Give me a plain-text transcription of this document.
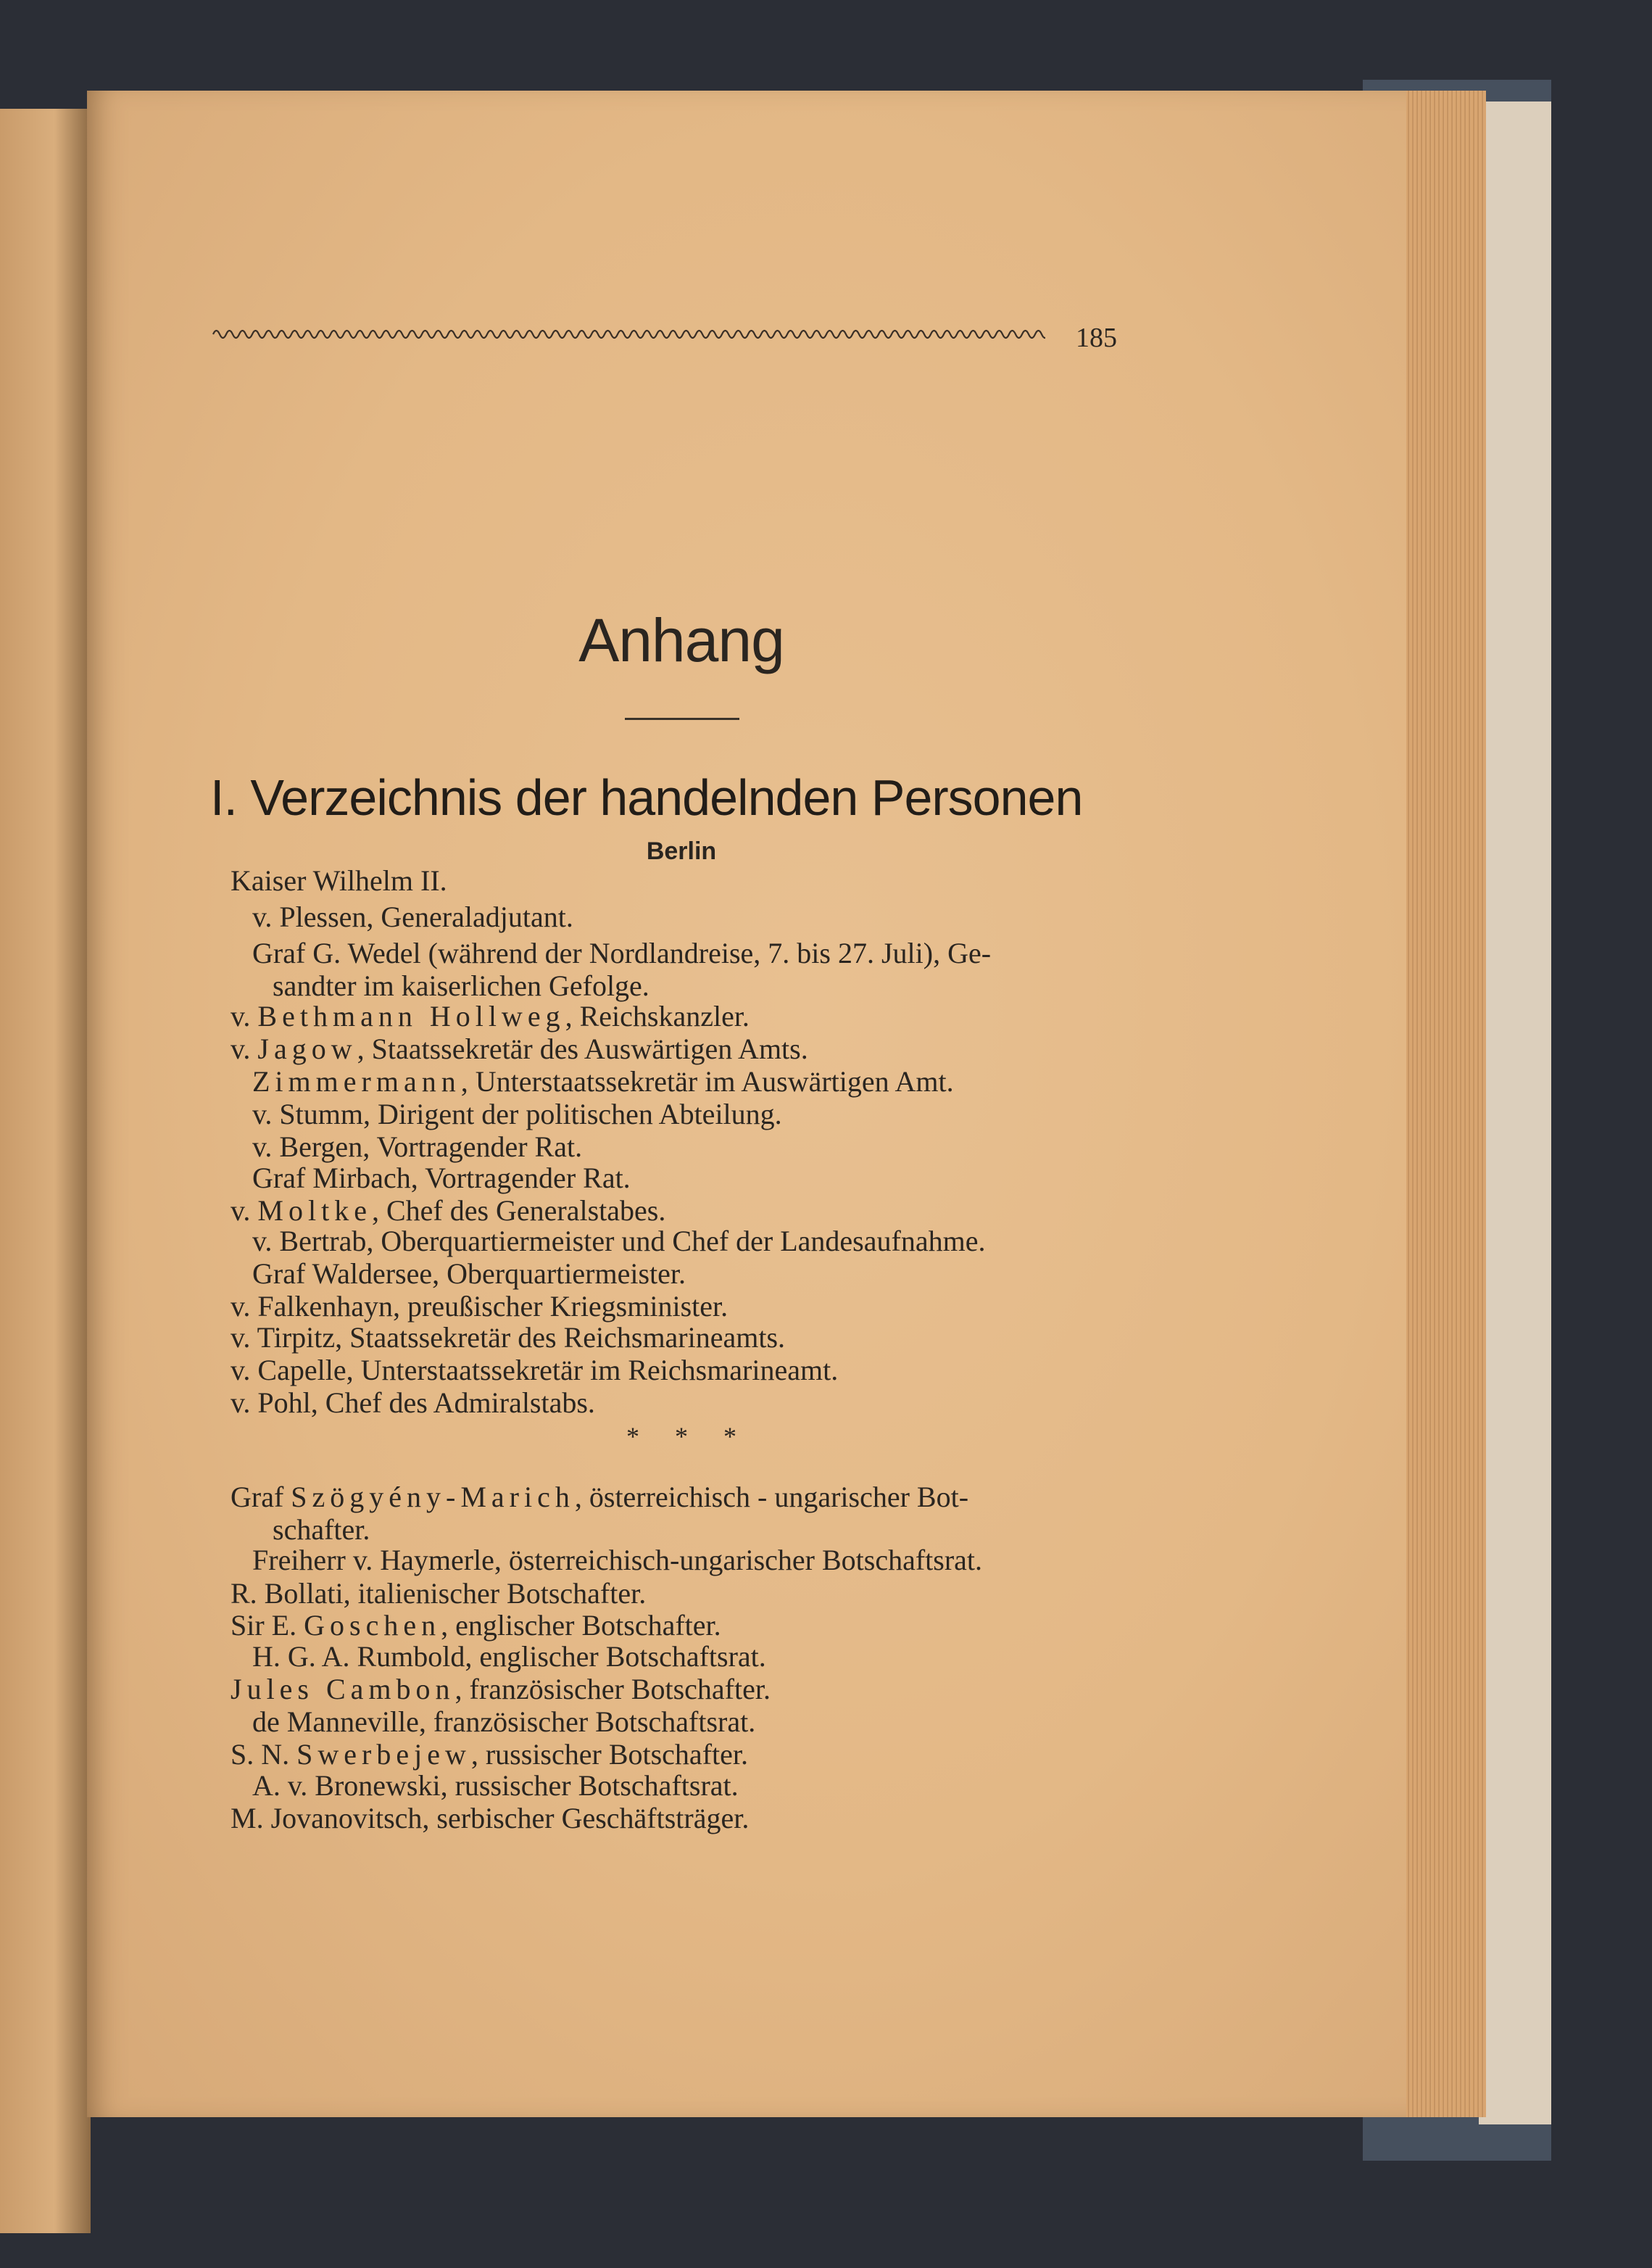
185
Anhang
I. Verzeichnis der handelnden Personen
Berlin
Kaiser Wilhelm II.
v. Plessen, Generaladjutant.
Graf G. Wedel (während der Nordlandreise, 7. bis 27. Juli), Ge-
sandter im kaiserlichen Gefolge.
v. Bethmann Hollweg, Reichskanzler.
v. Jagow, Staatssekretär des Auswärtigen Amts.
Zimmermann, Unterstaatssekretär im Auswärtigen Amt.
v. Stumm, Dirigent der politischen Abteilung.
v. Bergen, Vortragender Rat.
Graf Mirbach, Vortragender Rat.
v. Moltke, Chef des Generalstabes.
v. Bertrab, Oberquartiermeister und Chef der Landesaufnahme.
Graf Waldersee, Oberquartiermeister.
v. Falkenhayn, preußischer Kriegsminister.
v. Tirpitz, Staatssekretär des Reichsmarineamts.
v. Capelle, Unterstaatssekretär im Reichsmarineamt.
v. Pohl, Chef des Admiralstabs.
* * *
Graf Szögyény-Marich, österreichisch - ungarischer Bot-
schafter.
Freiherr v. Haymerle, österreichisch-ungarischer Botschaftsrat.
R. Bollati, italienischer Botschafter.
Sir E. Goschen, englischer Botschafter.
H. G. A. Rumbold, englischer Botschaftsrat.
Jules Cambon, französischer Botschafter.
de Manneville, französischer Botschaftsrat.
S. N. Swerbejew, russischer Botschafter.
A. v. Bronewski, russischer Botschaftsrat.
M. Jovanovitsch, serbischer Geschäftsträger.
